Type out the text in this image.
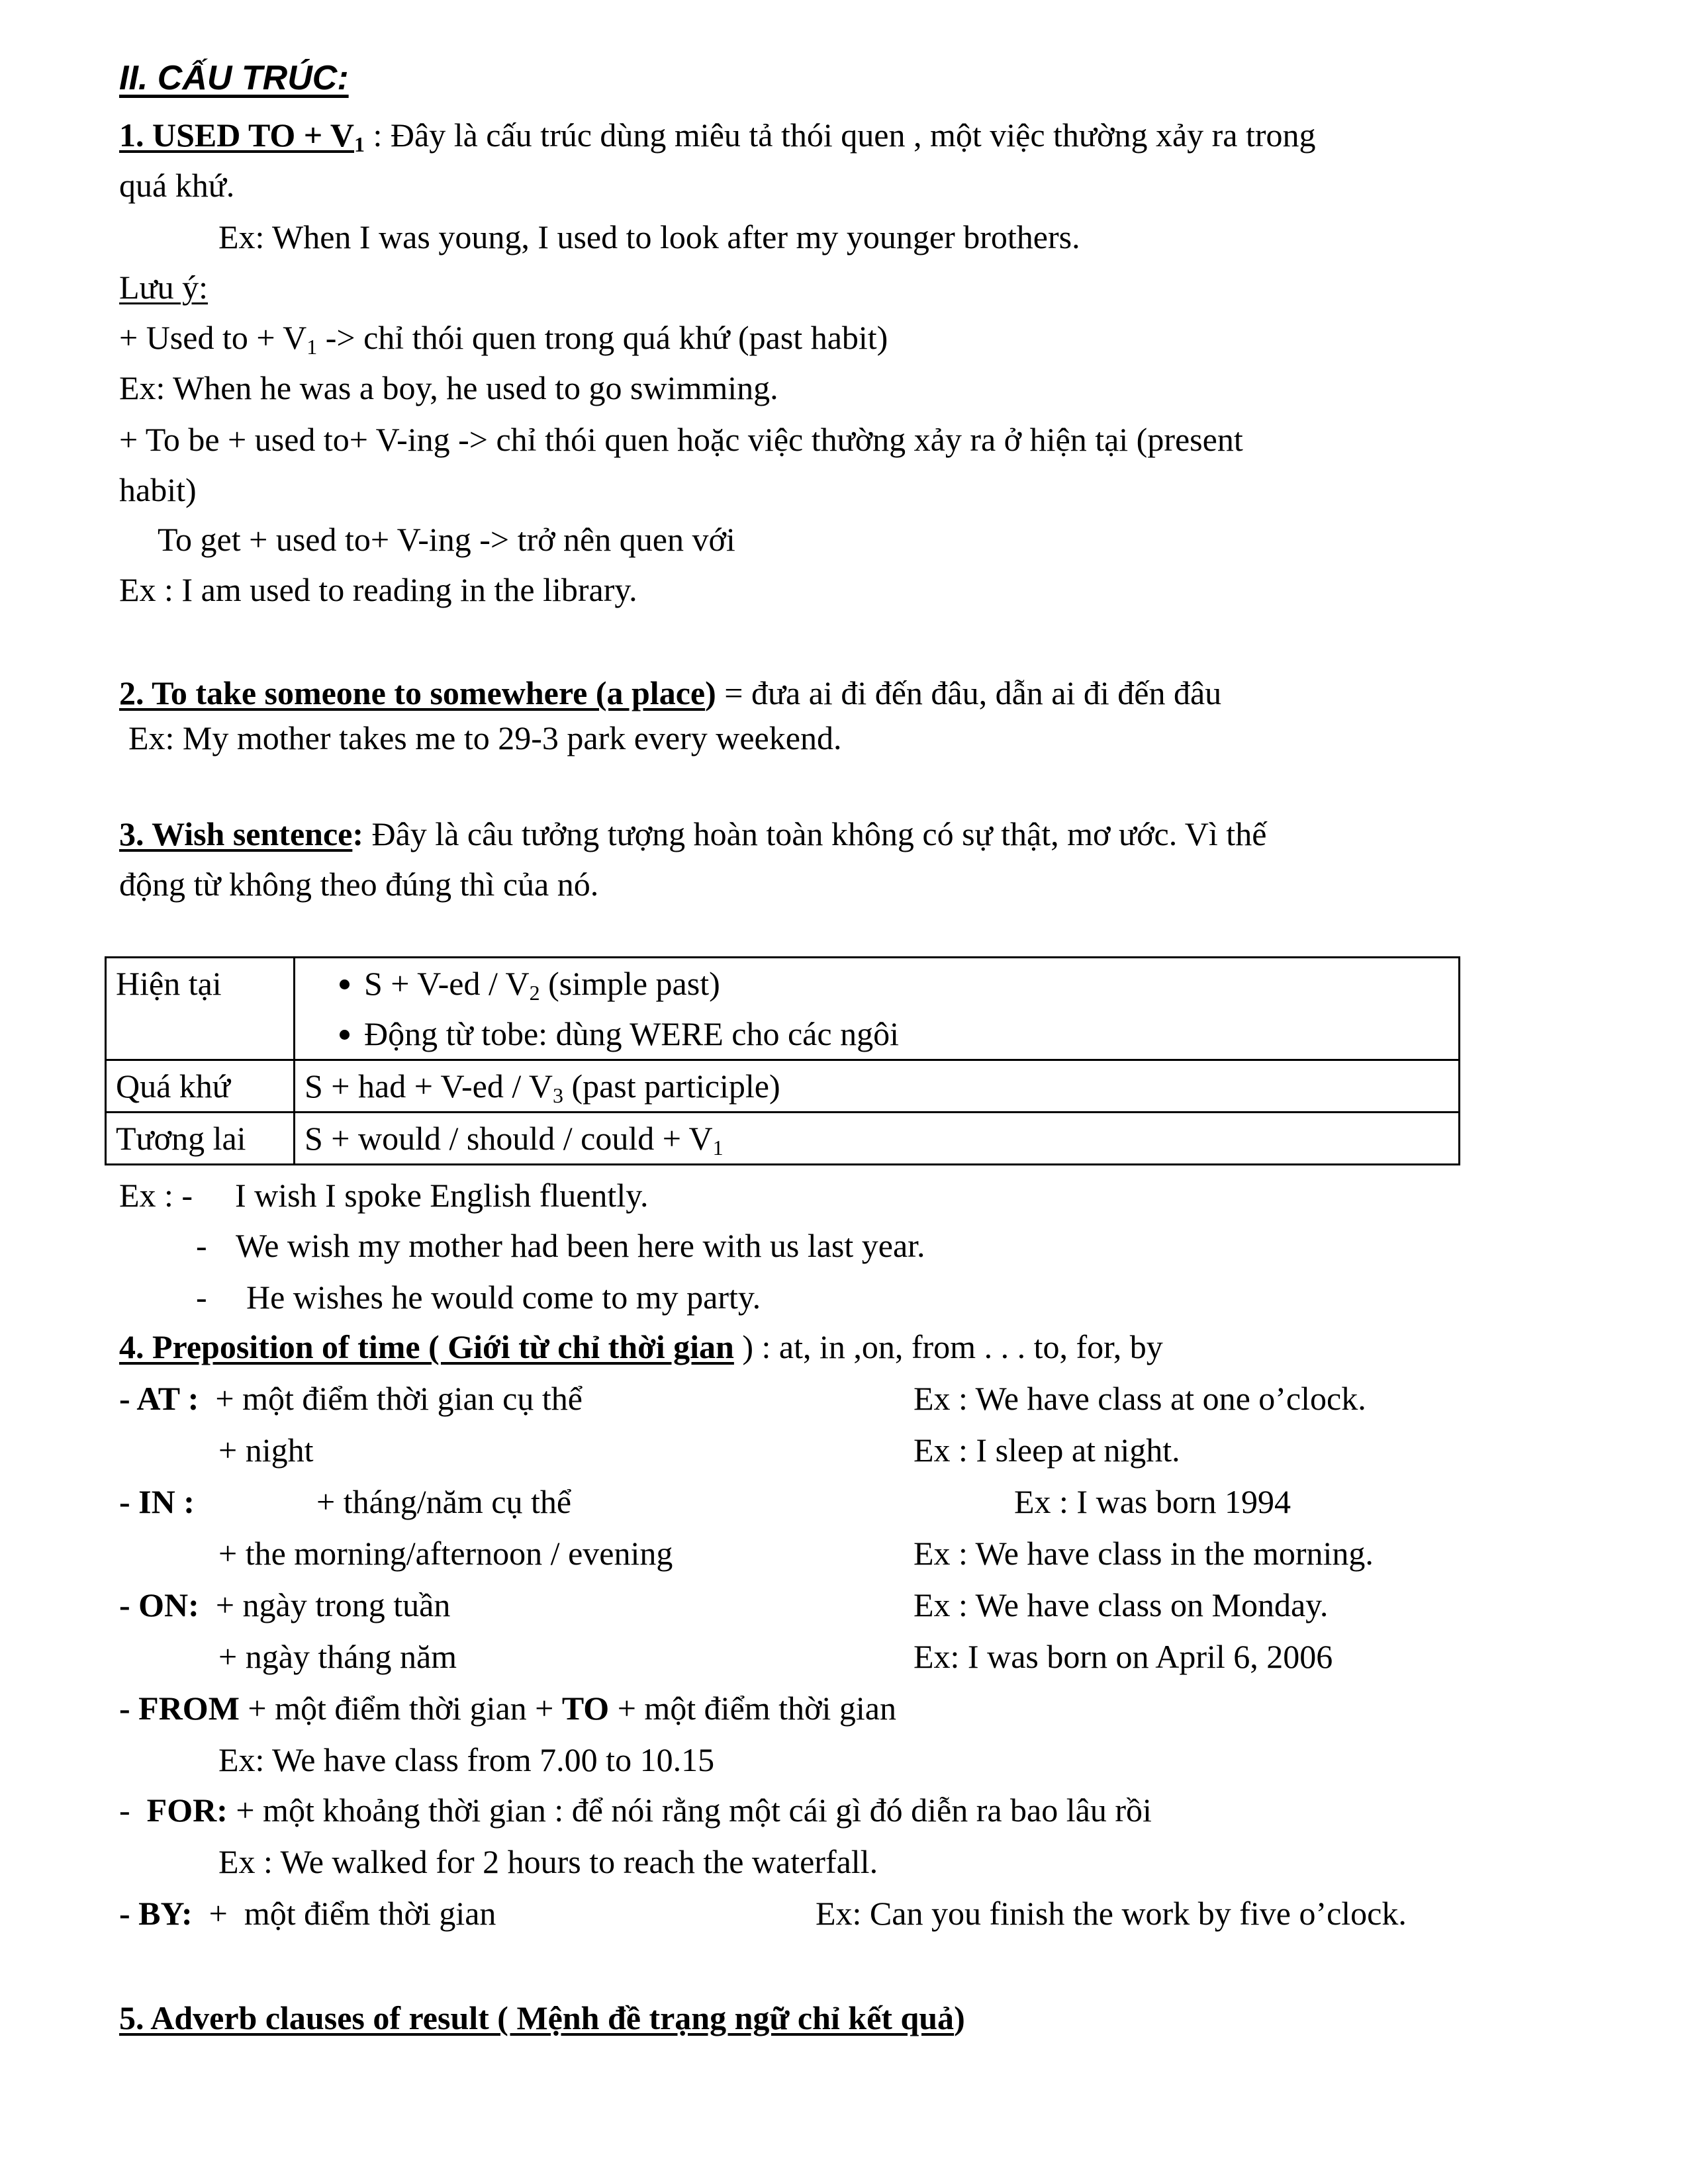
II. CẤU TRÚC:
1. USED TO + $V_1$ : Đây là cấu trúc dùng miêu tả thói quen , một việc thường xảy ra trong
quá khứ.
Ex: When I was young, I used to look after my younger brothers.
Lưu ý:
+ Used to + $V_1$ -> chỉ thói quen trong quá khứ (past habit)
Ex: When he was a boy, he used to go swimming.
+ To be + used to+ V-ing -> chỉ thói quen hoặc việc thường xảy ra ở hiện tại (present
habit)
To get + used to+ V-ing -> trở nên quen với
Ex : I am used to reading in the library.
2. To take someone to somewhere (a place) = đưa ai đi đến đâu, dẫn ai đi đến đâu
Ex: My mother takes me to 29-3 park every weekend.
3. Wish sentence: Đây là câu tưởng tượng hoàn toàn không có sự thật, mơ ước. Vì thế
động từ không theo đúng thì của nó.
Hiện tại	
•S + $V-ed / V_2$ (simple past)
• Động từ tobe: dùng WERE cho các ngôi

Quá khứ	S + had + $V-ed / V_3$ (past participle)
Tương lai	S + would / should / could + $V_1$
Ex : - I wish I spoke English fluently.
- We wish my mother had been here with us last year.
- He wishes he would come to my party.
4. Preposition of time ( Giới từ chỉ thời gian ) : at, in ,on, from . . . to, for, by
- AT : + một điểm thời gian cụ thể	Ex : We have class at one o’clock.
+ night	Ex : I sleep at night.
- IN :	+ tháng/năm cụ thể	Ex : I was born 1994
+ the morning/afternoon / evening	Ex : We have class in the morning.
- ON: + ngày trong tuần	Ex : We have class on Monday.
+ ngày tháng năm	Ex: I was born on April 6, 2006
- FROM + một điểm thời gian + TO + một điểm thời gian
Ex: We have class from 7.00 to 10.15
-  FOR: + một khoảng thời gian : để nói rằng một cái gì đó diễn ra bao lâu rồi
Ex : We walked for 2 hours to reach the waterfall.
- BY: +  một điểm thời gian	Ex: Can you finish the work by five o’clock.
5. Adverb clauses of result ( Mệnh đề trạng ngữ chỉ kết quả)
